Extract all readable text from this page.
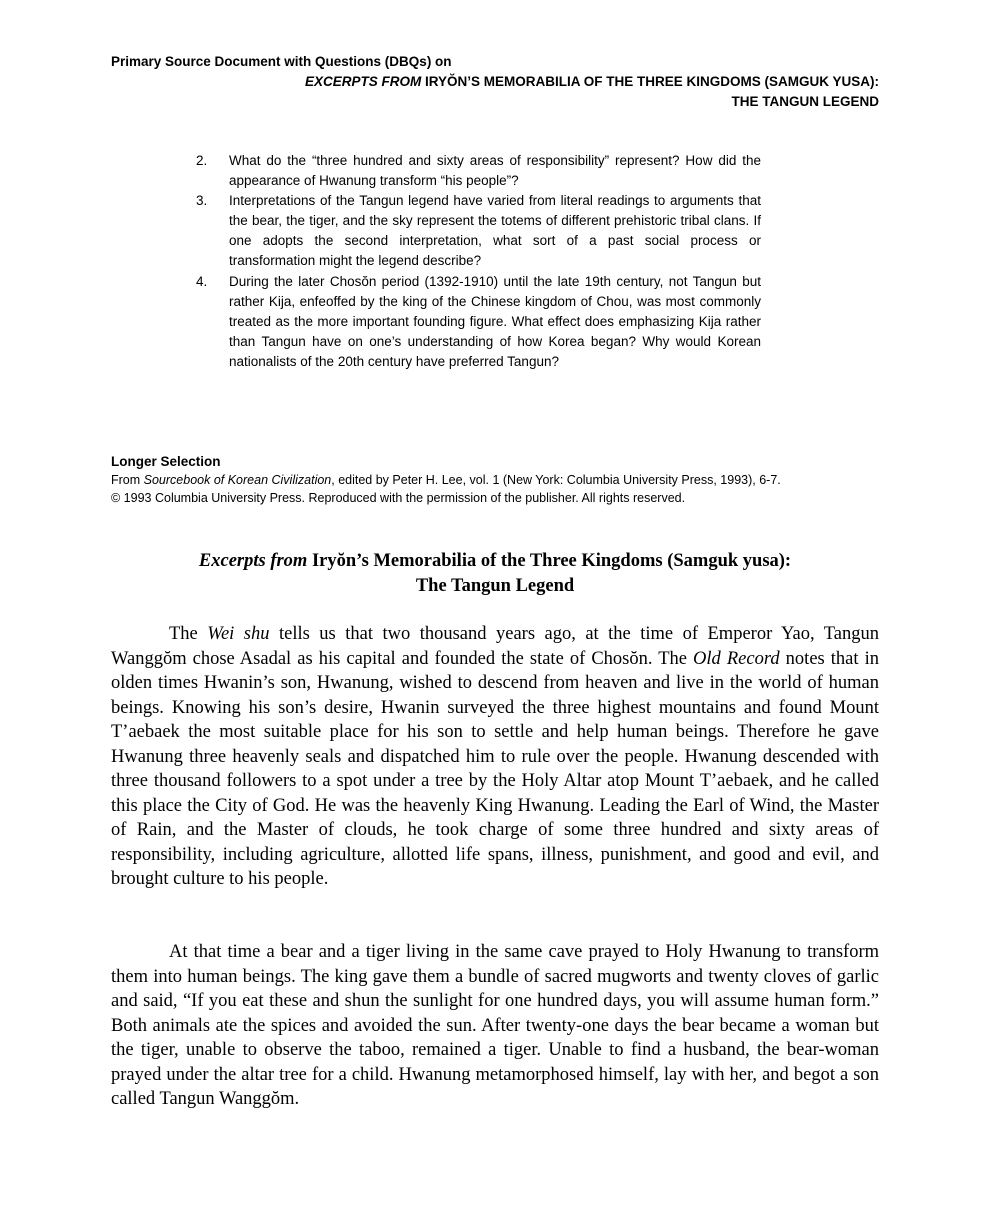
Primary Source Document with Questions (DBQs) on
EXCERPTS FROM IRYŎN’S MEMORABILIA OF THE THREE KINGDOMS (SAMGUK YUSA):
THE TANGUN LEGEND
2. What do the “three hundred and sixty areas of responsibility” represent? How did the appearance of Hwanung transform “his people”?
3. Interpretations of the Tangun legend have varied from literal readings to arguments that the bear, the tiger, and the sky represent the totems of different prehistoric tribal clans. If one adopts the second interpretation, what sort of a past social process or transformation might the legend describe?
4. During the later Chosŏn period (1392-1910) until the late 19th century, not Tangun but rather Kija, enfeoffed by the king of the Chinese kingdom of Chou, was most commonly treated as the more important founding figure. What effect does emphasizing Kija rather than Tangun have on one’s understanding of how Korea began? Why would Korean nationalists of the 20th century have preferred Tangun?
Longer Selection
From Sourcebook of Korean Civilization, edited by Peter H. Lee, vol. 1 (New York: Columbia University Press, 1993), 6-7.
© 1993 Columbia University Press. Reproduced with the permission of the publisher. All rights reserved.
Excerpts from Iryŏn’s Memorabilia of the Three Kingdoms (Samguk yusa):
The Tangun Legend

The Wei shu tells us that two thousand years ago, at the time of Emperor Yao, Tangun Wanggŏm chose Asadal as his capital and founded the state of Chosŏn. The Old Record notes that in olden times Hwanin’s son, Hwanung, wished to descend from heaven and live in the world of human beings. Knowing his son’s desire, Hwanin surveyed the three highest mountains and found Mount T’aebaek the most suitable place for his son to settle and help human beings. Therefore he gave Hwanung three heavenly seals and dispatched him to rule over the people. Hwanung descended with three thousand followers to a spot under a tree by the Holy Altar atop Mount T’aebaek, and he called this place the City of God. He was the heavenly King Hwanung. Leading the Earl of Wind, the Master of Rain, and the Master of clouds, he took charge of some three hundred and sixty areas of responsibility, including agriculture, allotted life spans, illness, punishment, and good and evil, and brought culture to his people.

At that time a bear and a tiger living in the same cave prayed to Holy Hwanung to transform them into human beings. The king gave them a bundle of sacred mugworts and twenty cloves of garlic and said, “If you eat these and shun the sunlight for one hundred days, you will assume human form.” Both animals ate the spices and avoided the sun. After twenty-one days the bear became a woman but the tiger, unable to observe the taboo, remained a tiger. Unable to find a husband, the bear-woman prayed under the altar tree for a child. Hwanung metamorphosed himself, lay with her, and begot a son called Tangun Wanggŏm.
